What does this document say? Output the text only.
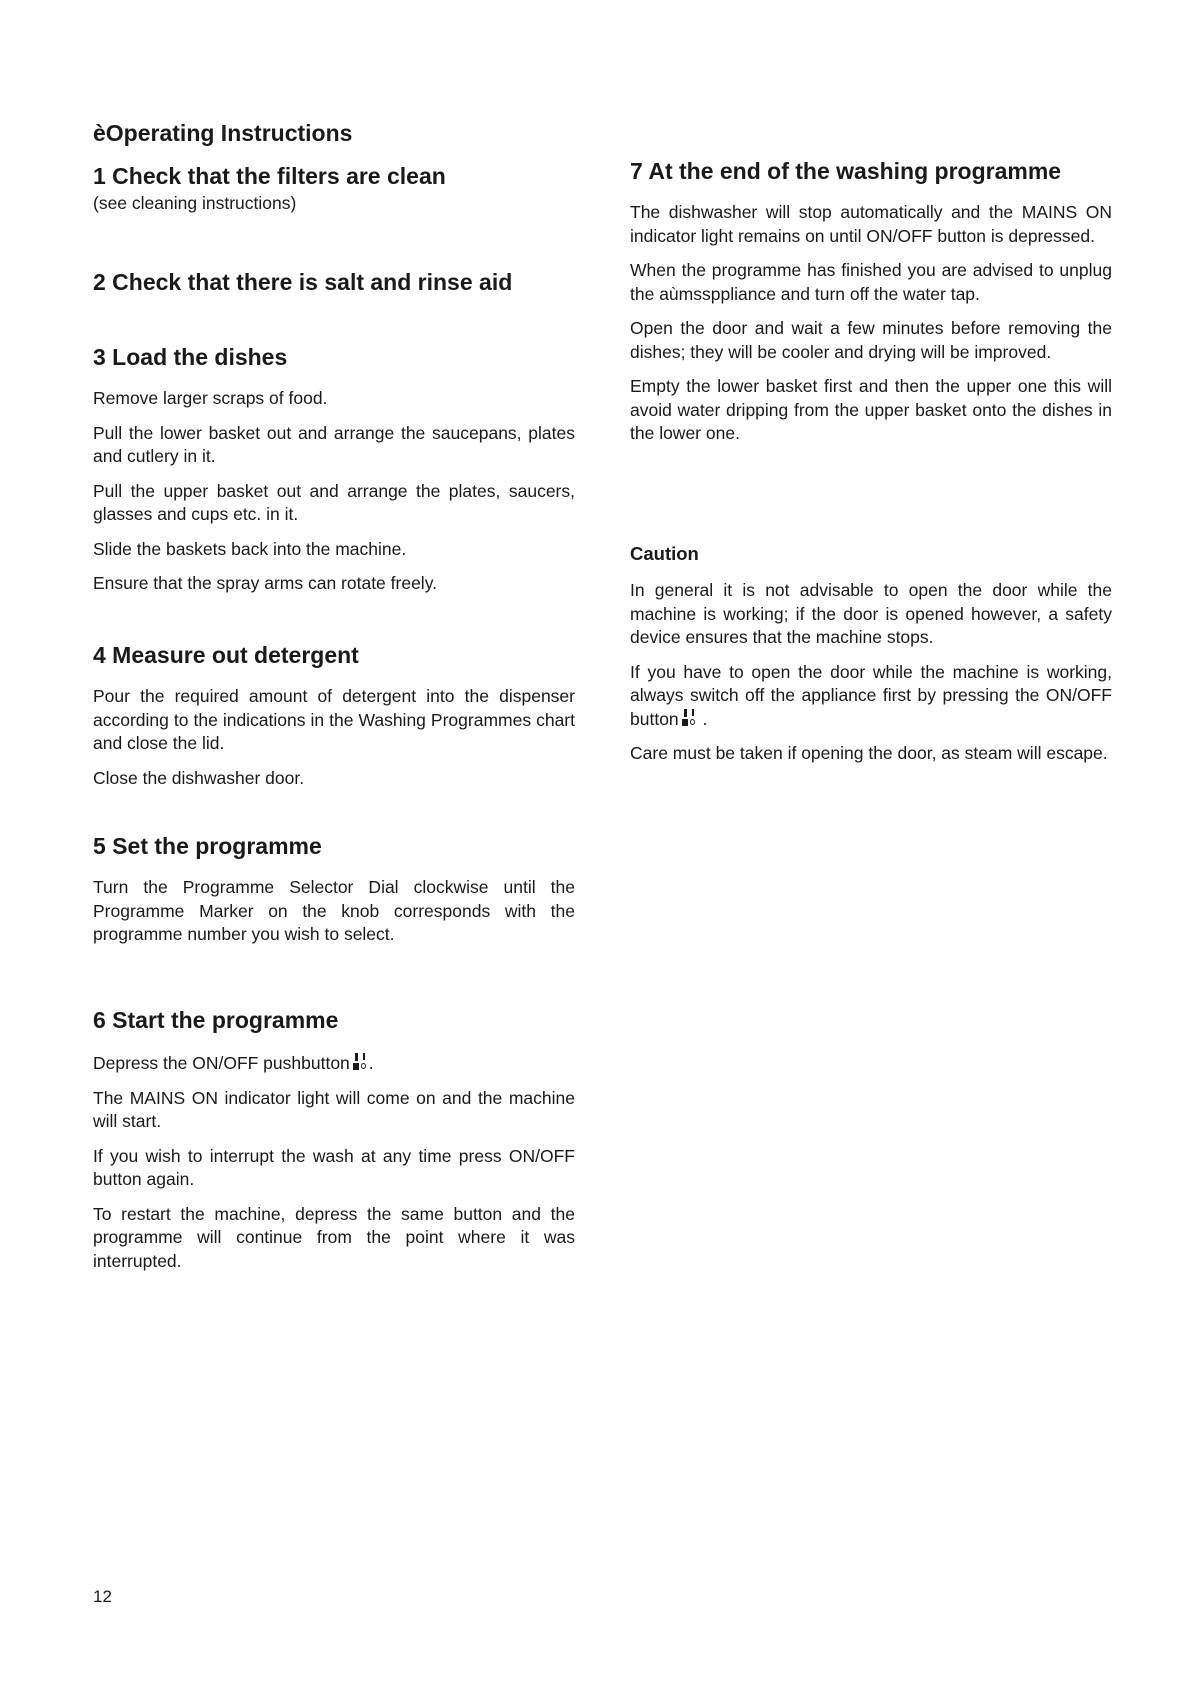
èOperating Instructions
1 Check that the filters are clean

(see cleaning instructions)

2 Check that there is salt and rinse aid
3 Load the dishes

Remove larger scraps of food.

Pull the lower basket out and arrange the saucepans, plates and cutlery in it.

Pull the upper basket out and arrange the plates, saucers, glasses and cups etc. in it.

Slide the baskets back into the machine.

Ensure that the spray arms can rotate freely.

4 Measure out detergent

Pour the required amount of detergent into the dispenser according to the indications in the Washing Programmes chart and close the lid.

Close the dishwasher door.

5 Set the programme

Turn the Programme Selector Dial clockwise until the Programme Marker on the knob corresponds with the programme number you wish to select.

6 Start the programme

Depress the ON/OFF pushbutton .

The MAINS ON indicator light will come on and the machine will start.

If you wish to interrupt the wash at any time press ON/OFF button again.

To restart the machine, depress the same button and the programme will continue from the point where it was interrupted.

7 At the end of the washing programme

The dishwasher will stop automatically and the MAINS ON indicator light remains on until ON/OFF button is depressed.

When the programme has finished you are advised to unplug the aùmssppliance and turn off the water tap.

Open the door and wait a few minutes before removing the dishes; they will be cooler and drying will be improved.

Empty the lower basket first and then the upper one this will avoid water dripping from the upper basket onto the dishes in the lower one.

Caution

In general it is not advisable to open the door while the machine is working; if the door is opened however, a safety device ensures that the machine stops.

If you have to open the door while the machine is working, always switch off the appliance first by pressing the ON/OFF button
.

Care must be taken if opening the door, as steam will escape.

12
